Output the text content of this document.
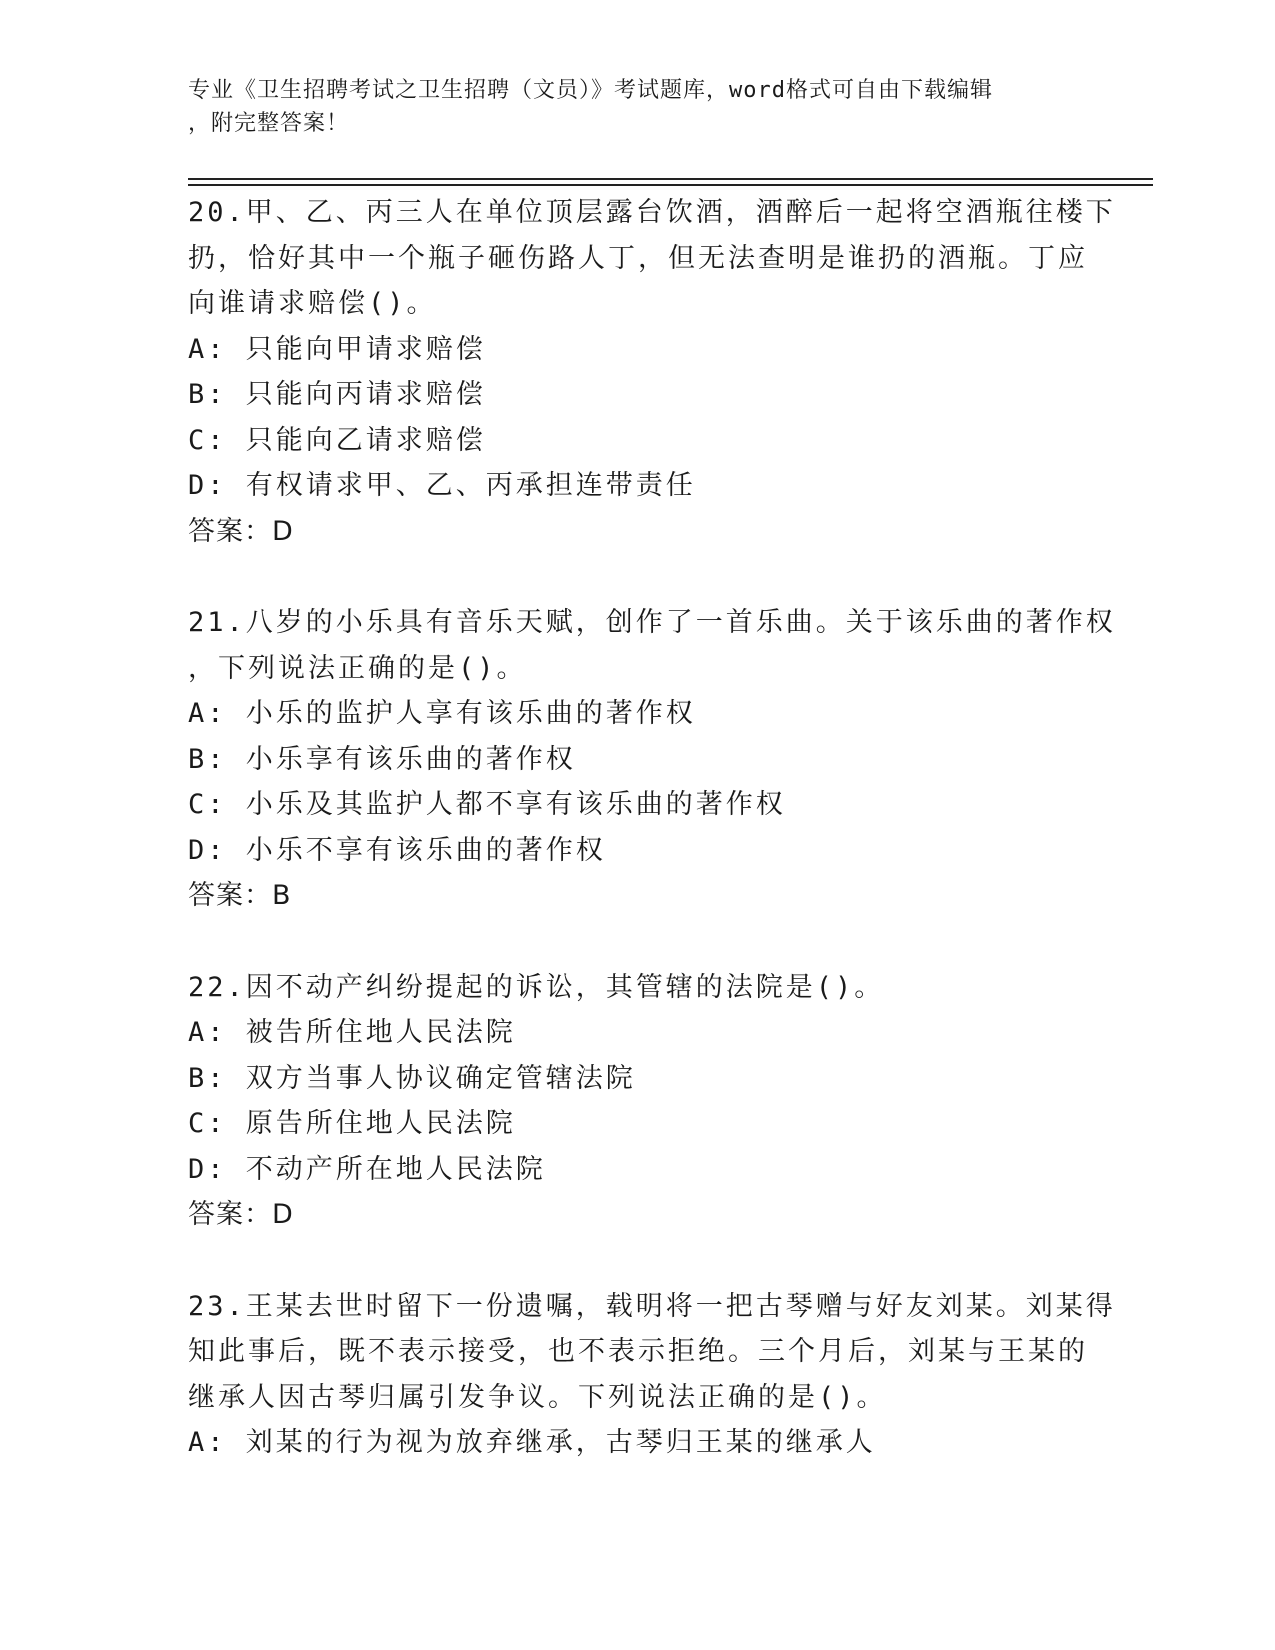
专业《卫生招聘考试之卫生招聘（文员）》考试题库，word格式可自由下载编辑
，附完整答案！
20.甲、乙、丙三人在单位顶层露台饮酒，酒醉后一起将空酒瓶往楼下
扔，恰好其中一个瓶子砸伤路人丁，但无法查明是谁扔的酒瓶。丁应
向谁请求赔偿()。
A: 只能向甲请求赔偿
B: 只能向丙请求赔偿
C: 只能向乙请求赔偿
D: 有权请求甲、乙、丙承担连带责任
答案：D
21.八岁的小乐具有音乐天赋，创作了一首乐曲。关于该乐曲的著作权
，下列说法正确的是()。
A: 小乐的监护人享有该乐曲的著作权
B: 小乐享有该乐曲的著作权
C: 小乐及其监护人都不享有该乐曲的著作权
D: 小乐不享有该乐曲的著作权
答案：B
22.因不动产纠纷提起的诉讼，其管辖的法院是()。
A: 被告所住地人民法院
B: 双方当事人协议确定管辖法院
C: 原告所住地人民法院
D: 不动产所在地人民法院
答案：D
23.王某去世时留下一份遗嘱，载明将一把古琴赠与好友刘某。刘某得
知此事后，既不表示接受，也不表示拒绝。三个月后，刘某与王某的
继承人因古琴归属引发争议。下列说法正确的是()。
A: 刘某的行为视为放弃继承，古琴归王某的继承人
